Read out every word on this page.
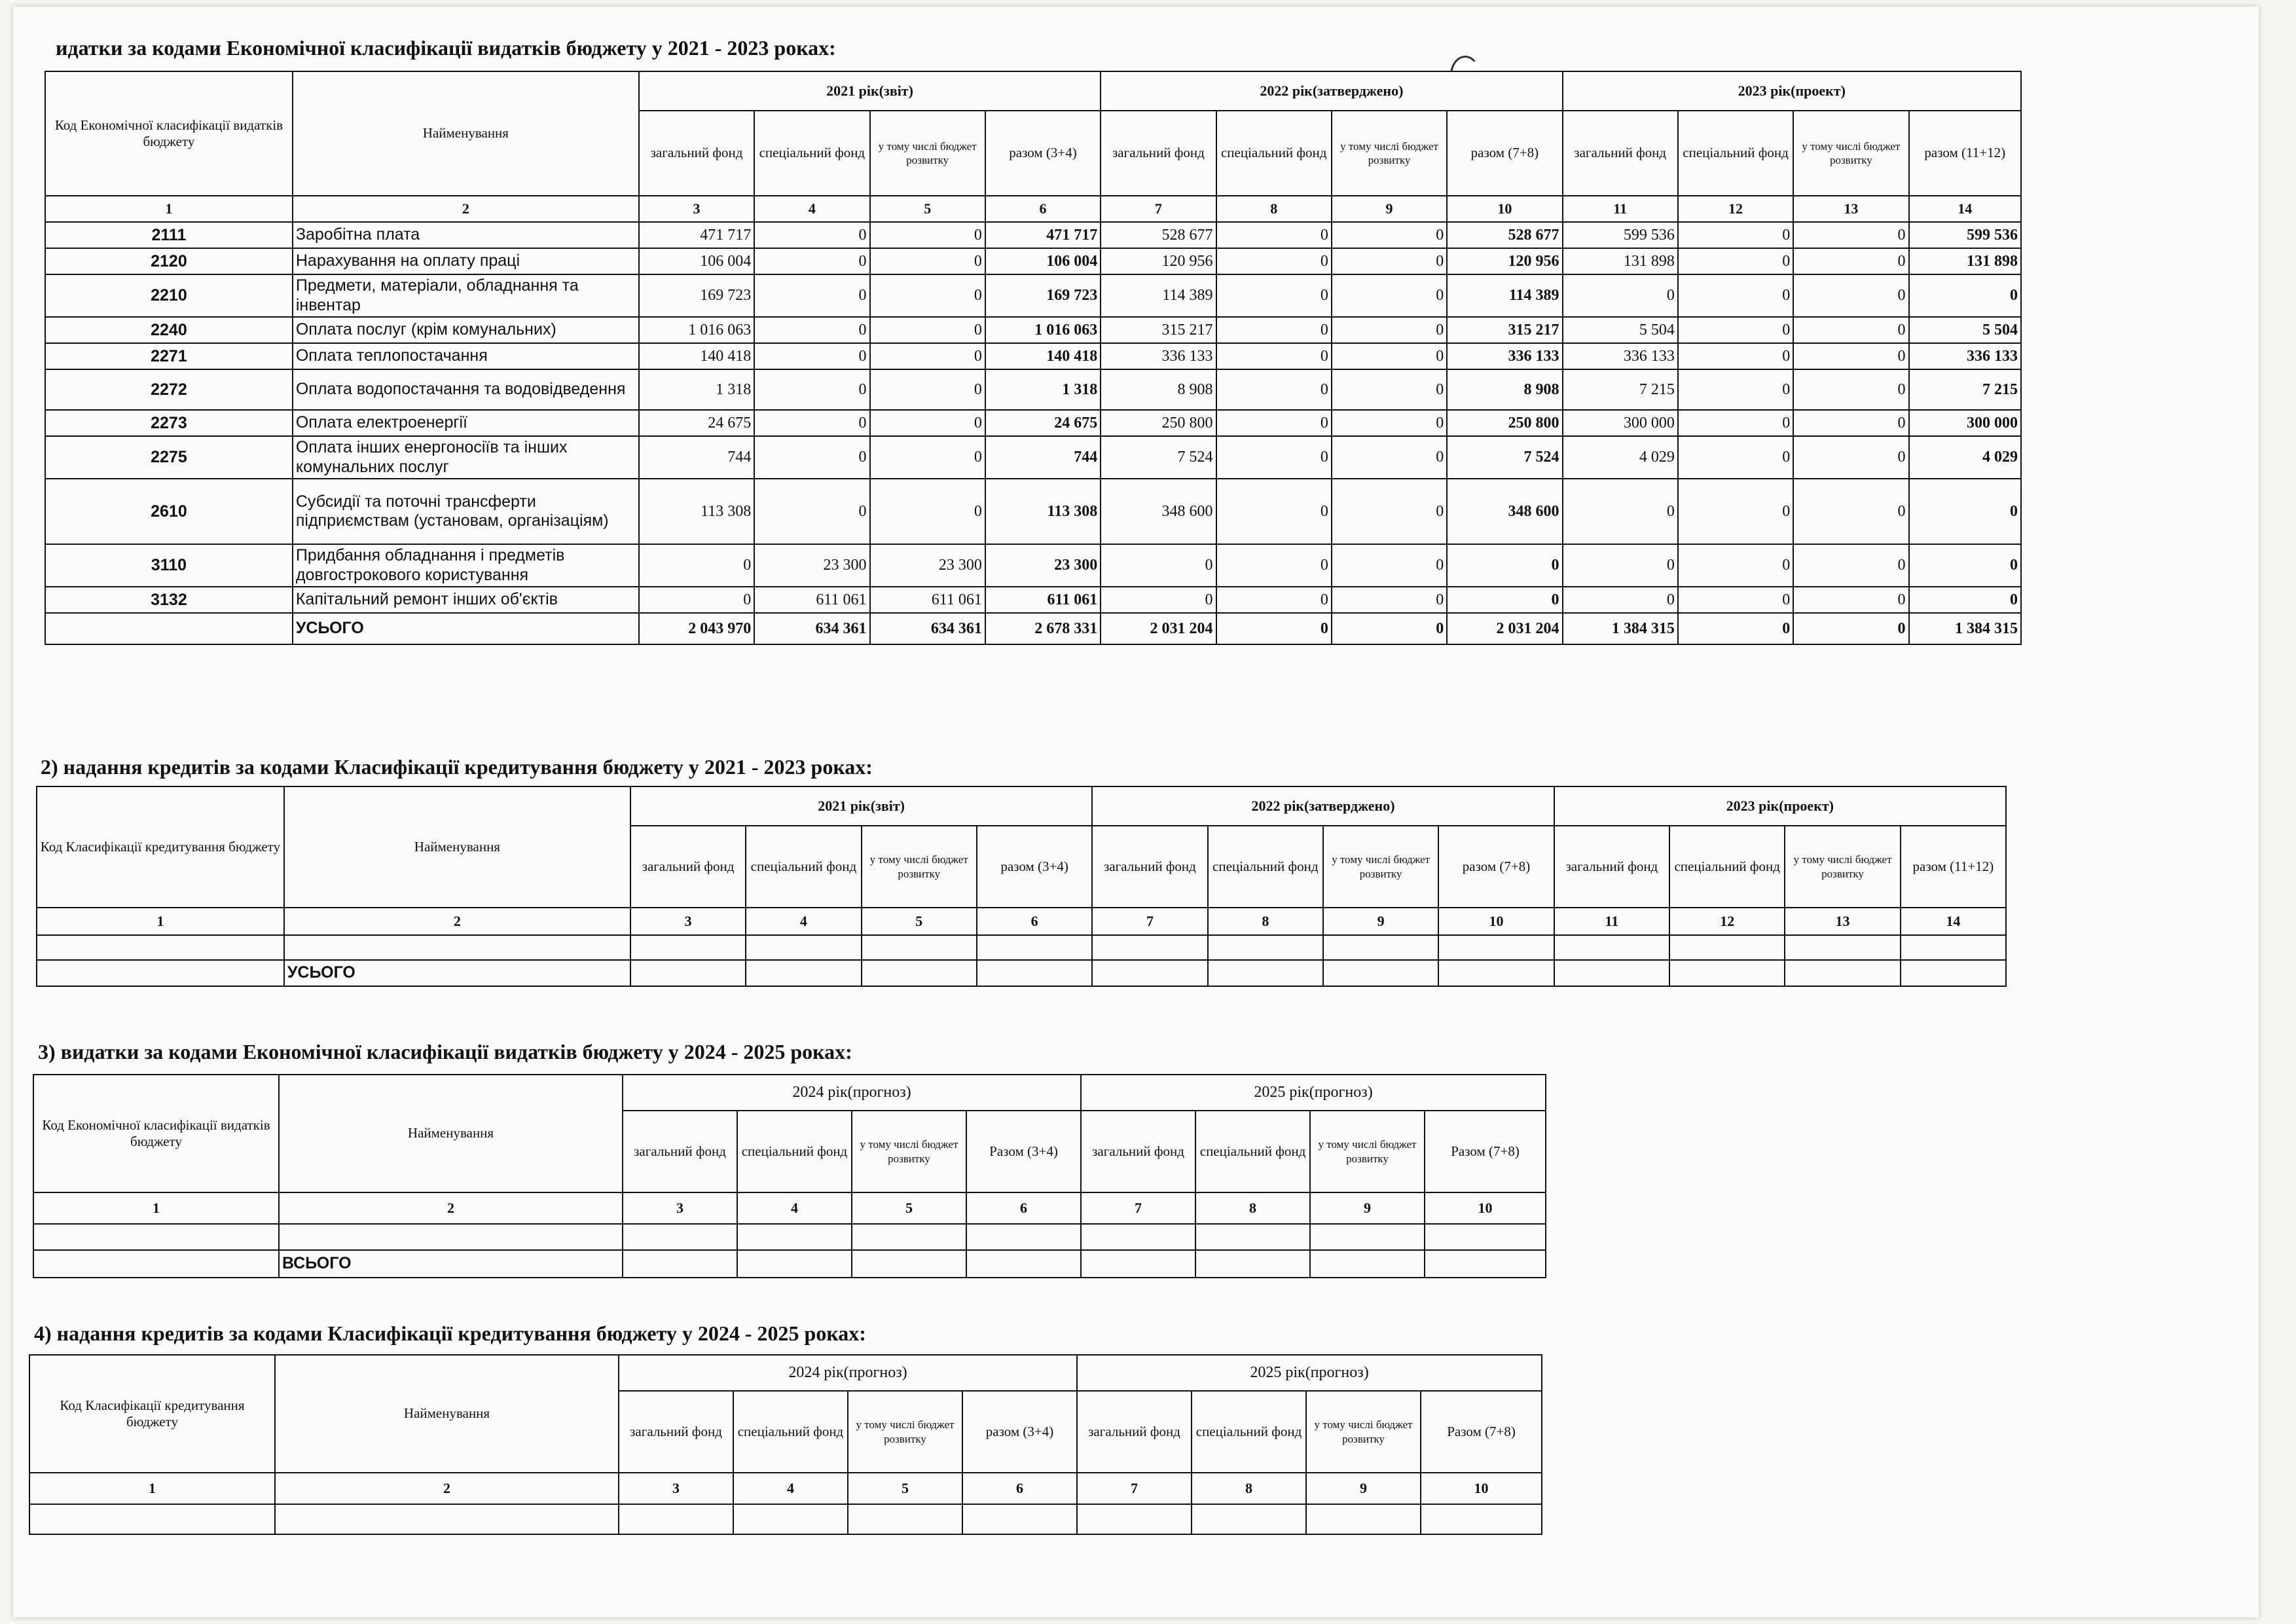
идатки за кодами Економічної класифікації видатків бюджету у 2021 - 2023 роках:
Код Економічної класифікації видатків бюджету	Найменування	2021 рік(звіт)				2022 рік(затверджено)				2023 рік(проект)			
		загальний фонд	спеціальний фонд	у тому числі бюджет розвитку	разом (3+4)	загальний фонд	спеціальний фонд	у тому числі бюджет розвитку	разом (7+8)	загальний фонд	спеціальний фонд	у тому числі бюджет розвитку	разом (11+12)
1	2	3	4	5	6	7	8	9	10	11	12	13	14
2111	Заробітна плата	471 717	0	0	471 717	528 677	0	0	528 677	599 536	0	0	599 536
2120	Нарахування на оплату праці	106 004	0	0	106 004	120 956	0	0	120 956	131 898	0	0	131 898
2210	Предмети, матеріали, обладнання та інвентар	169 723	0	0	169 723	114 389	0	0	114 389	0	0	0	0
2240	Оплата послуг (крім комунальних)	1 016 063	0	0	1 016 063	315 217	0	0	315 217	5 504	0	0	5 504
2271	Оплата теплопостачання	140 418	0	0	140 418	336 133	0	0	336 133	336 133	0	0	336 133
2272	Оплата водопостачання та водовідведення	1 318	0	0	1 318	8 908	0	0	8 908	7 215	0	0	7 215
2273	Оплата електроенергії	24 675	0	0	24 675	250 800	0	0	250 800	300 000	0	0	300 000
2275	Оплата інших енергоносіїв та інших комунальних послуг	744	0	0	744	7 524	0	0	7 524	4 029	0	0	4 029
2610	Субсидії та поточні трансферти підприємствам (установам, організаціям)	113 308	0	0	113 308	348 600	0	0	348 600	0	0	0	0
3110	Придбання обладнання і предметів довгострокового користування	0	23 300	23 300	23 300	0	0	0	0	0	0	0	0
3132	Капітальний ремонт інших об'єктів	0	611 061	611 061	611 061	0	0	0	0	0	0	0	0
	УСЬОГО	2 043 970	634 361	634 361	2 678 331	2 031 204	0	0	2 031 204	1 384 315	0	0	1 384 315
2) надання кредитів за кодами Класифікації кредитування бюджету у 2021 - 2023 роках:
Код Класифікації кредитування бюджету	Найменування	2021 рік(звіт)				2022 рік(затверджено)				2023 рік(проект)			
		загальний фонд	спеціальний фонд	у тому числі бюджет розвитку	разом (3+4)	загальний фонд	спеціальний фонд	у тому числі бюджет розвитку	разом (7+8)	загальний фонд	спеціальний фонд	у тому числі бюджет розвитку	разом (11+12)
1	2	3	4	5	6	7	8	9	10	11	12	13	14

	УСЬОГО												
3) видатки за кодами Економічної класифікації видатків бюджету у 2024 - 2025 роках:
Код Економічної класифікації видатків бюджету	Найменування	2024 рік(прогноз)				2025 рік(прогноз)			
		загальний фонд	спеціальний фонд	у тому числі бюджет розвитку	Разом (3+4)	загальний фонд	спеціальний фонд	у тому числі бюджет розвитку	Разом (7+8)
1	2	3	4	5	6	7	8	9	10

	ВСЬОГО								
4) надання кредитів за кодами Класифікації кредитування бюджету у 2024 - 2025 роках:
Код Класифікації кредитування бюджету	Найменування	2024 рік(прогноз)				2025 рік(прогноз)			
		загальний фонд	спеціальний фонд	у тому числі бюджет розвитку	разом (3+4)	загальний фонд	спеціальний фонд	у тому числі бюджет розвитку	Разом (7+8)
1	2	3	4	5	6	7	8	9	10
